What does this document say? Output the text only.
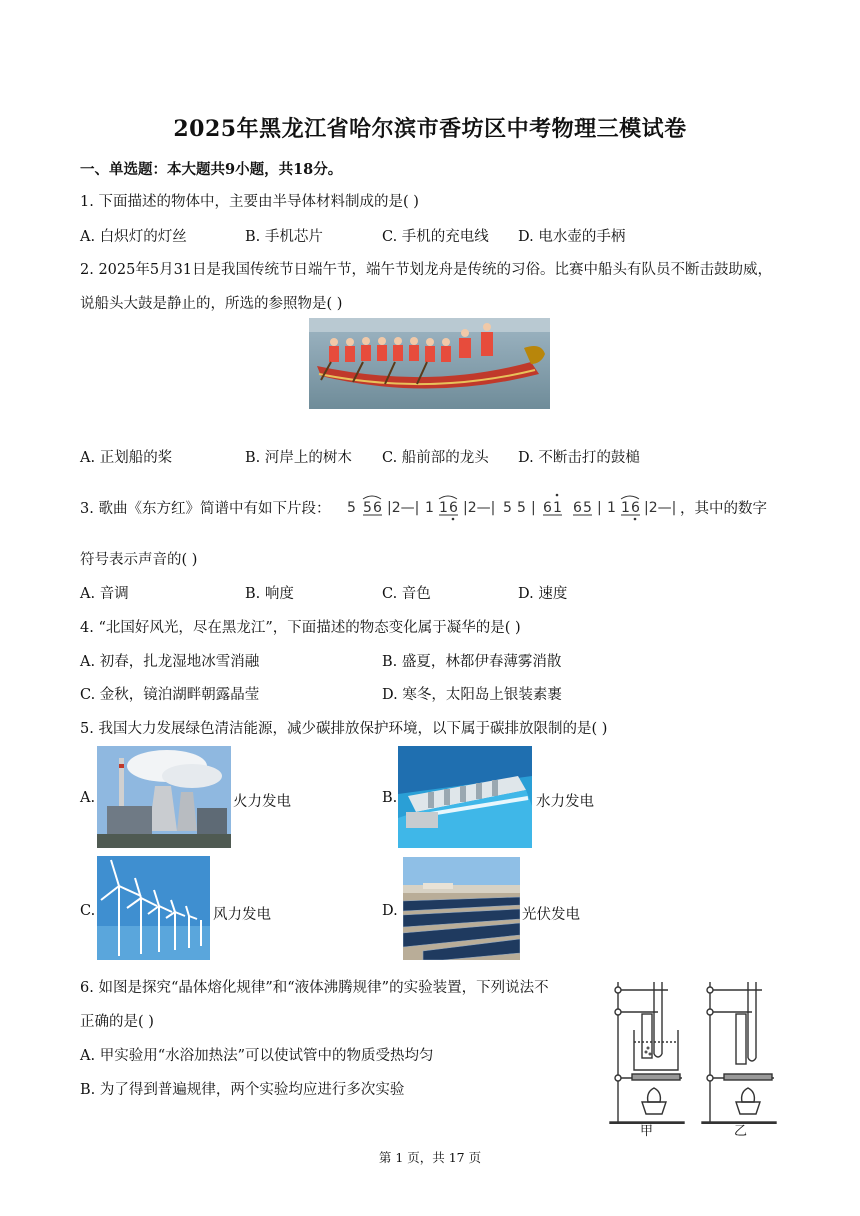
2025年黑龙江省哈尔滨市香坊区中考物理三模试卷
一、单选题：本大题共9小题，共18分。
1. 下面描述的物体中，主要由半导体材料制成的是( )
A. 白炽灯的灯丝	B. 手机芯片	C. 手机的充电线 D. 电水壶的手柄
2. 2025年5月31日是我国传统节日端午节，端午节划龙舟是传统的习俗。比赛中船头有队员不断击鼓助威，
说船头大鼓是静止的，所选的参照物是( )
A. 正划船的桨	B. 河岸上的树木 C. 船前部的龙头 D. 不断击打的鼓槌
3. 歌曲《东方红》简谱中有如下片段： 5 5 6 |2—| 1 1 6 |2—| 5 5 | 6 1 6 5 | 1 1 6 |2—| ，其中的数字
符号表示声音的( )
A. 音调	B. 响度	C. 音色	D. 速度
4. “北国好风光，尽在黑龙江”，下面描述的物态变化属于凝华的是( )
A. 初春，扎龙湿地冰雪消融	B. 盛夏，林都伊春薄雾消散
C. 金秋，镜泊湖畔朝露晶莹	D. 寒冬，太阳岛上银装素裹
5. 我国大力发展绿色清洁能源，减少碳排放保护环境，以下属于碳排放限制的是( )
A.	火力发电	B.	水力发电
C.	风力发电	D.	光伏发电
6. 如图是探究“晶体熔化规律”和“液体沸腾规律”的实验装置，下列说法不
正确的是( )
A. 甲实验用“水浴加热法”可以使试管中的物质受热均匀
B. 为了得到普遍规律，两个实验均应进行多次实验
甲	乙
第 1 页，共 17 页
